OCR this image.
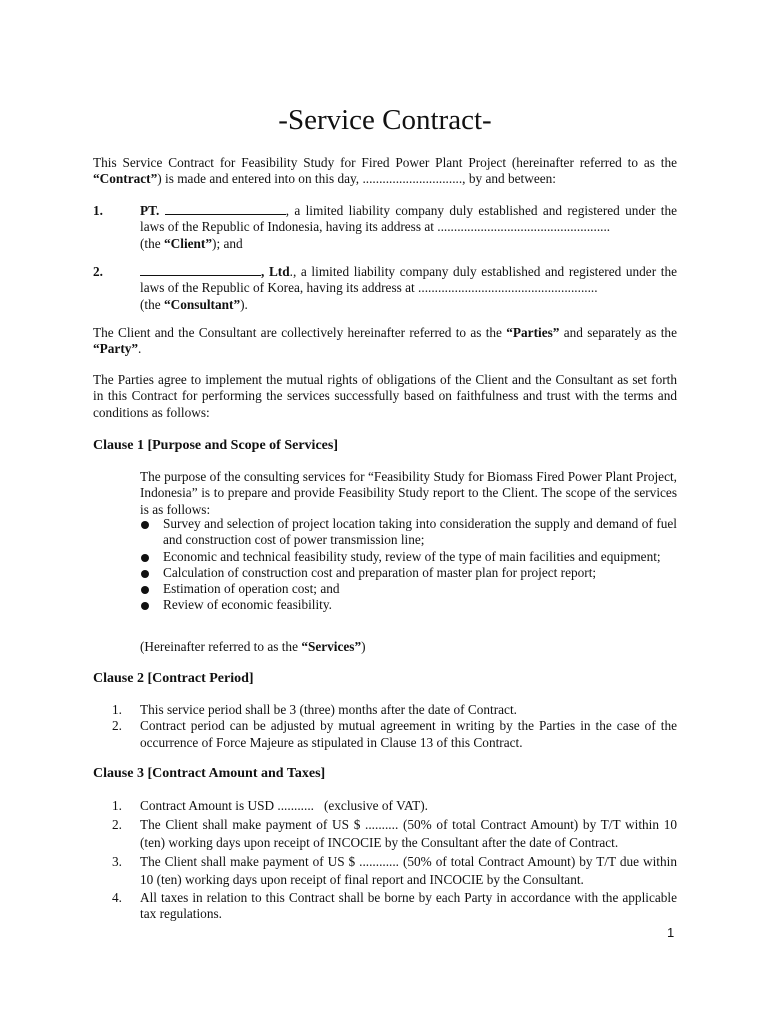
-Service Contract-

This Service Contract for Feasibility Study for Fired Power Plant Project (hereinafter referred to as the “Contract”) is made and entered into on this day, .............................., by and between:

1.	PT.	, a limited liability company duly established and registered under the laws of the Republic of Indonesia, having its address at ....................................................
(the “Client”); and

2.	, Ltd., a limited liability company duly established and registered under the laws of the Republic of Korea, having its address at ......................................................
(the “Consultant”).

The Client and the Consultant are collectively hereinafter referred to as the “Parties” and separately as the “Party”.

The Parties agree to implement the mutual rights of obligations of the Client and the Consultant as set forth in this Contract for performing the services successfully based on faithfulness and trust with the terms and conditions as follows:

Clause 1 [Purpose and Scope of Services]

The purpose of the consulting services for “Feasibility Study for Biomass Fired Power Plant Project, Indonesia” is to prepare and provide Feasibility Study report to the Client. The scope of the services is as follows:

Survey and selection of project location taking into consideration the supply and demand of fuel and construction cost of power transmission line;
Economic and technical feasibility study, review of the type of main facilities and equipment;
Calculation of construction cost and preparation of master plan for project report;
Estimation of operation cost; and
Review of economic feasibility.

(Hereinafter referred to as the “Services”)

Clause 2 [Contract Period]
1. This service period shall be 3 (three) months after the date of Contract.
2. Contract period can be adjusted by mutual agreement in writing by the Parties in the case of the occurrence of Force Majeure as stipulated in Clause 13 of this Contract.
Clause 3 [Contract Amount and Taxes]
1. Contract Amount is USD ...........   (exclusive of VAT).
2. The Client shall make payment of US $ .......... (50% of total Contract Amount) by T/T within 10 (ten) working days upon receipt of INCOCIE by the Consultant after the date of Contract.
3. The Client shall make payment of US $ ............ (50% of total Contract Amount) by T/T due within 10 (ten) working days upon receipt of final report and INCOCIE by the Consultant.
4. All taxes in relation to this Contract shall be borne by each Party in accordance with the applicable tax regulations.
1
